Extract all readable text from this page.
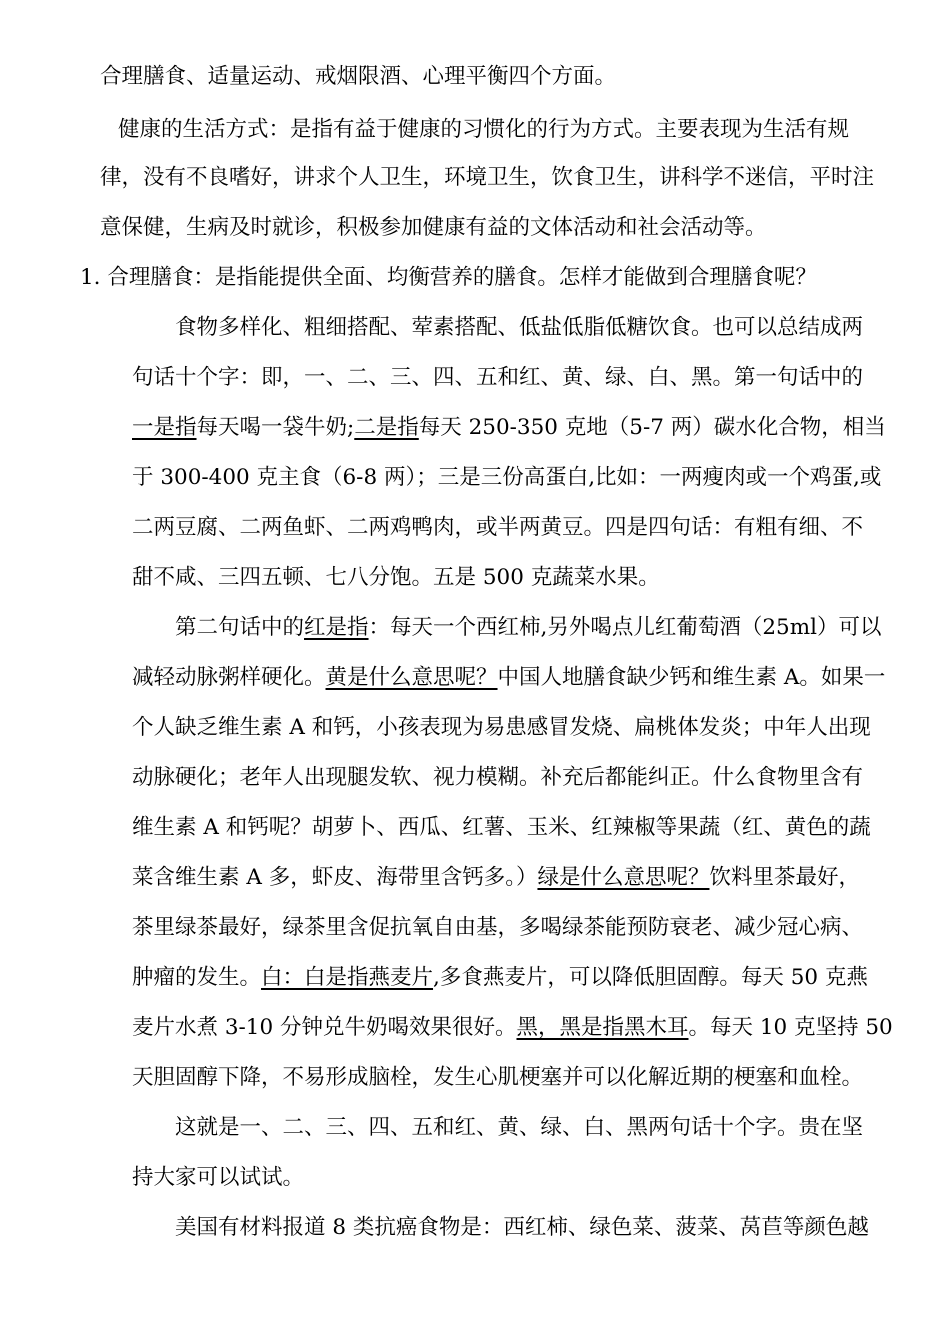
合理膳食、适量运动、戒烟限酒、心理平衡四个方面。

健康的生活方式：是指有益于健康的习惯化的行为方式。主要表现为生活有规

律，没有不良嗜好，讲求个人卫生，环境卫生，饮食卫生，讲科学不迷信，平时注

意保健，生病及时就诊，积极参加健康有益的文体活动和社会活动等。

1. 合理膳食：是指能提供全面、均衡营养的膳食。怎样才能做到合理膳食呢？

食物多样化、粗细搭配、荤素搭配、低盐低脂低糖饮食。也可以总结成两

句话十个字：即，一、二、三、四、五和红、黄、绿、白、黑。第一句话中的

一是指每天喝一袋牛奶;二是指每天 250-350 克地（5-7 两）碳水化合物，相当

于 300-400 克主食（6-8 两）；三是三份高蛋白,比如：一两瘦肉或一个鸡蛋,或

二两豆腐、二两鱼虾、二两鸡鸭肉，或半两黄豆。四是四句话：有粗有细、不

甜不咸、三四五顿、七八分饱。五是 500 克蔬菜水果。

第二句话中的红是指：每天一个西红柿,另外喝点儿红葡萄酒（25ml）可以

减轻动脉粥样硬化。黄是什么意思呢？中国人地膳食缺少钙和维生素 A。如果一

个人缺乏维生素 A 和钙，小孩表现为易患感冒发烧、扁桃体发炎；中年人出现

动脉硬化；老年人出现腿发软、视力模糊。补充后都能纠正。什么食物里含有

维生素 A 和钙呢？胡萝卜、西瓜、红薯、玉米、红辣椒等果蔬（红、黄色的蔬

菜含维生素 A 多，虾皮、海带里含钙多。）绿是什么意思呢？饮料里茶最好，

茶里绿茶最好，绿茶里含促抗氧自由基，多喝绿茶能预防衰老、减少冠心病、

肿瘤的发生。白：白是指燕麦片,多食燕麦片，可以降低胆固醇。每天 50 克燕

麦片水煮 3-10 分钟兑牛奶喝效果很好。黑，黑是指黑木耳。每天 10 克坚持 50

天胆固醇下降，不易形成脑栓，发生心肌梗塞并可以化解近期的梗塞和血栓。

这就是一、二、三、四、五和红、黄、绿、白、黑两句话十个字。贵在坚

持大家可以试试。

美国有材料报道 8 类抗癌食物是：西红柿、绿色菜、菠菜、莴苣等颜色越
